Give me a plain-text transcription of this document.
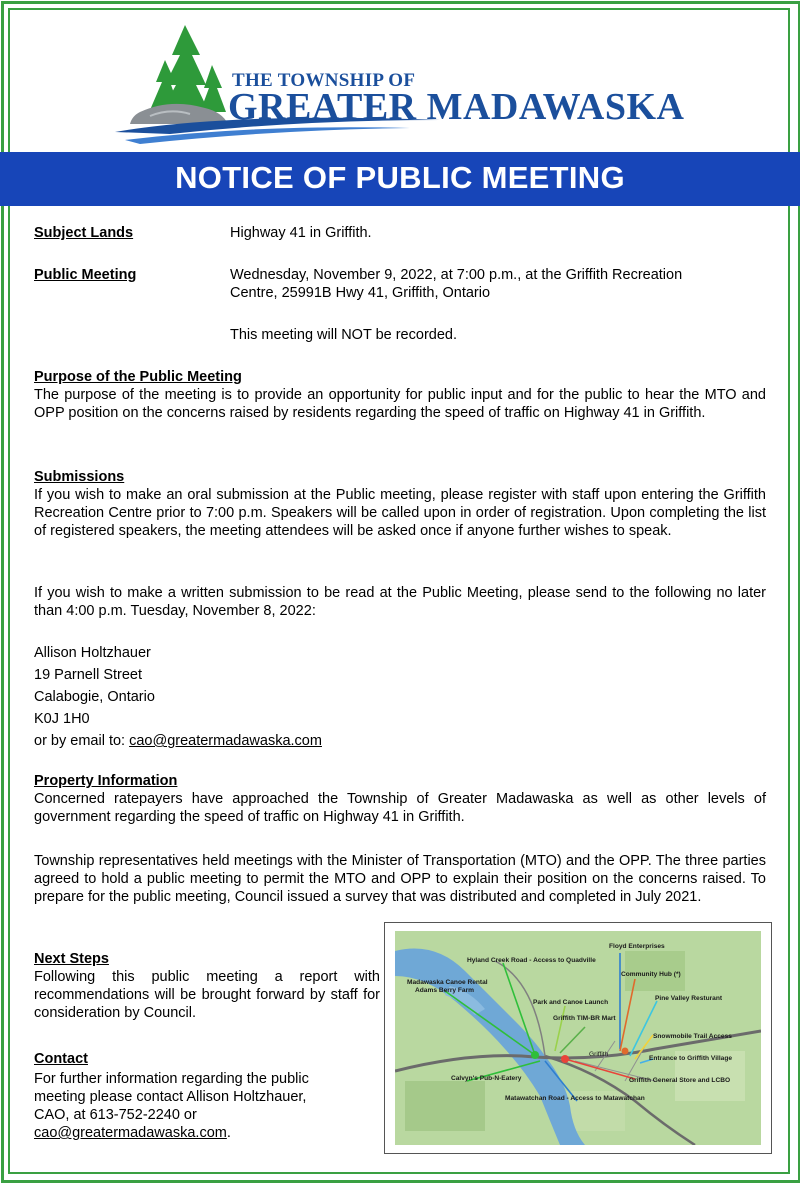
THE TOWNSHIP OF
GREATER MADAWASKA
NOTICE OF PUBLIC MEETING
Subject Lands	Highway 41 in Griffith.
Public Meeting	Wednesday, November 9, 2022, at 7:00 p.m., at the Griffith Recreation
Centre, 25991B Hwy 41, Griffith, Ontario
This meeting will NOT be recorded.
Purpose of the Public Meeting
The purpose of the meeting is to provide an opportunity for public input and for the public to hear the MTO and OPP position on the concerns raised by residents regarding the speed of traffic on Highway 41 in Griffith.
Submissions
If you wish to make an oral submission at the Public meeting, please register with staff upon entering the Griffith Recreation Centre prior to 7:00 p.m. Speakers will be called upon in order of registration. Upon completing the list of registered speakers, the meeting attendees will be asked once if anyone further wishes to speak.
If you wish to make a written submission to be read at the Public Meeting, please send to the following no later than 4:00 p.m. Tuesday, November 8, 2022:
Allison Holtzhauer
19 Parnell Street
Calabogie, Ontario
K0J 1H0
or by email to: cao@greatermadawaska.com
Property Information
Concerned ratepayers have approached the Township of Greater Madawaska as well as other levels of government regarding the speed of traffic on Highway 41 in Griffith.
Township representatives held meetings with the Minister of Transportation (MTO) and the OPP. The three parties agreed to hold a public meeting to permit the MTO and OPP to explain their position on the concerns raised. To prepare for the public meeting, Council issued a survey that was distributed and completed in July 2021.
Next Steps
Following this public meeting a report with recommendations will be brought forward by staff for consideration by Council.
Contact
For further information regarding the public
meeting please contact Allison Holtzhauer,
CAO, at 613-752-2240 or
cao@greatermadawaska.com.
Floyd Enterprises
Hyland Creek Road - Access to Quadville
Community Hub (*)
Madawaska Canoe Rental
Adams Berry Farm
Park and Canoe Launch
Pine Valley Resturant
Griffith TIM-BR Mart
Snowmobile Trail Access
Entrance to Griffith Village
Griffith
Calvyn's Pub-N-Eatery	Griffith General Store and LCBO
Matawatchan Road - Access to Matawatchan
